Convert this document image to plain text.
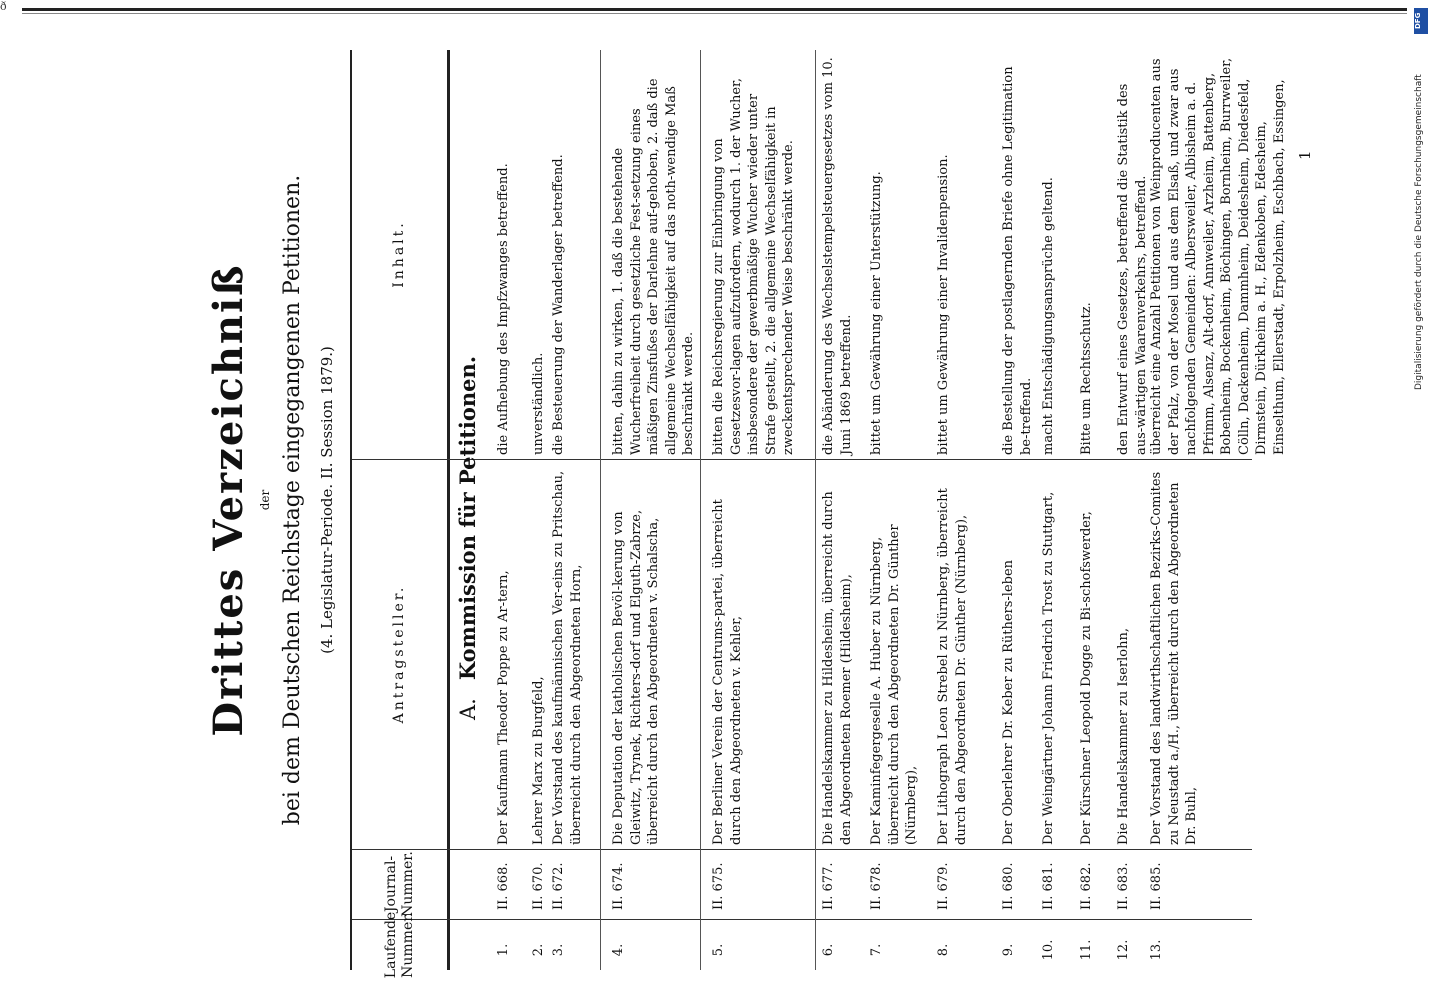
ð
DFG
Digitalisierung gefördert durch die Deutsche Forschungsgemeinschaft
Drittes Verzeichniß der bei dem Deutschen Reichstage eingegangenen Petitionen. (4. Legislatur-Periode. II. Session 1879.)
Laufende Nummer.
Journal-Nummer.
Antragsteller.
Inhalt.
A.Kommission für Petitionen.
1.
II. 668.
Der Kaufmann Theodor Poppe zu Ar-tern,
die Aufhebung des Impfzwanges betreffend.
2.
II. 670.
Lehrer Marx zu Burgfeld,
unverständlich.
3.
II. 672.
Der Vorstand des kaufmännischen Ver-eins zu Pritschau, überreicht durch den Abgeordneten Horn,
die Besteuerung der Wanderlager betreffend.
4.
II. 674.
Die Deputation der katholischen Bevöl-kerung von Gleiwitz, Trynek, Richters-dorf und Elguth-Zabrze, überreicht durch den Abgeordneten v. Schalscha,
bitten, dahin zu wirken, 1. daß die bestehende Wucherfreiheit durch gesetzliche Fest-setzung eines mäßigen Zinsfußes der Darlehne auf-gehoben, 2. daß die allgemeine Wechselfähigkeit auf das noth-wendige Maß beschränkt werde.
5.
II. 675.
Der Berliner Verein der Centrums-partei, überreicht durch den Abgeordneten v. Kehler,
bitten die Reichsregierung zur Einbringung von Gesetzesvor-lagen aufzufordern, wodurch 1. der Wucher, insbesondere der gewerbmäßige Wucher wieder unter Strafe gestellt, 2. die allgemeine Wechselfähigkeit in zweckentsprechender Weise beschränkt werde.
6.
II. 677.
Die Handelskammer zu Hildesheim, überreicht durch den Abgeordneten Roemer (Hildesheim),
die Abänderung des Wechselstempelsteuergesetzes vom 10. Juni 1869 betreffend.
7.
II. 678.
Der Kaminfegergeselle A. Huber zu Nürnberg, überreicht durch den Abgeordneten Dr. Günther (Nürnberg),
bittet um Gewährung einer Unterstützung.
8.
II. 679.
Der Lithograph Leon Strebel zu Nürnberg, überreicht durch den Abgeordneten Dr. Günther (Nürnberg),
bittet um Gewährung einer Invalidenpension.
9.
II. 680.
Der Oberlehrer Dr. Keber zu Rüthers-leben
die Bestellung der postlagernden Briefe ohne Legitimation be-treffend.
10.
II. 681.
Der Weingärtner Johann Friedrich Trost zu Stuttgart,
macht Entschädigungsansprüche geltend.
11.
II. 682.
Der Kürschner Leopold Dogge zu Bi-schofswerder,
Bitte um Rechtsschutz.
12.
II. 683.
Die Handelskammer zu Iserlohn,
den Entwurf eines Gesetzes, betreffend die Statistik des aus-wärtigen Waarenverkehrs, betreffend.
13.
II. 685.
Der Vorstand des landwirthschaftlichen Bezirks-Comites zu Neustadt a./H., überreicht durch den Abgeordneten Dr. Buhl,
überreicht eine Anzahl Petitionen von Weinproducenten aus der Pfalz, von der Mosel und aus dem Elsaß, und zwar aus nachfolgenden Gemeinden: Albersweiler, Albisheim a. d. Pfrimm, Alsenz, Alt-dorf, Annweiler, Arzheim, Battenberg, Bobenheim, Bockenheim, Böchingen, Bornheim, Burrweiler, Cölln, Dackenheim, Dammheim, Deidesheim, Diedesfeld, Dirmstein, Dürkheim a. H., Edenkoben, Edesheim, Einselthum, Ellerstadt, Erpolzheim, Eschbach, Essingen, 1
